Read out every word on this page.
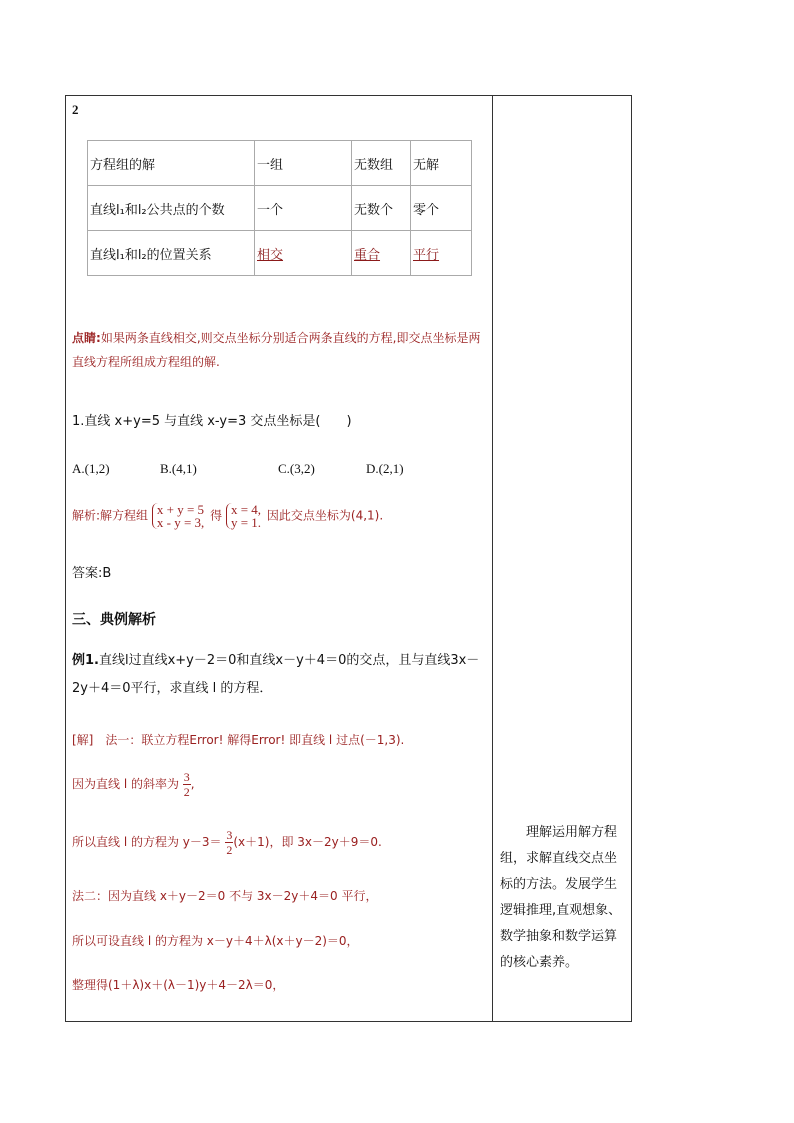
2
方程组的解	一组	无数组	无解
直线l₁和l₂公共点的个数	一个	无数个	零个
直线l₁和l₂的位置关系	相交	重合	平行
点睛:如果两条直线相交,则交点坐标分别适合两条直线的方程,即交点坐标是两直线方程所组成方程组的解.
1.直线 x+y=5 与直线 x-y=3 交点坐标是(　　)
A.(1,2)	B.(4,1)	C.(3,2)	D.(2,1)
解析:解方程组 x + y = 5
x - y = 3, 得 x = 4,
y = 1. 因此交点坐标为(4,1).
答案:B
三、典例解析
例1.直线l过直线x+y－2＝0和直线x－y＋4＝0的交点，且与直线3x－2y＋4＝0平行，求直线 l 的方程．
[解]　法一：联立方程Error! 解得Error! 即直线 l 过点(－1,3).
因为直线 l 的斜率为 $\frac{3}{2}$ ,
所以直线 l 的方程为 $y-3= \frac{3}{2} (x+1)$，即 3x－2y＋9＝0.
法二：因为直线 x＋y－2＝0 不与 3x－2y＋4＝0 平行，
所以可设直线 l 的方程为 x－y＋4＋λ(x＋y－2)＝0，
整理得(1＋λ)x＋(λ－1)y＋4－2λ＝0，
理解运用解方程组，求解直线交点坐标的方法。发展学生逻辑推理,直观想象、数学抽象和数学运算的核心素养。
